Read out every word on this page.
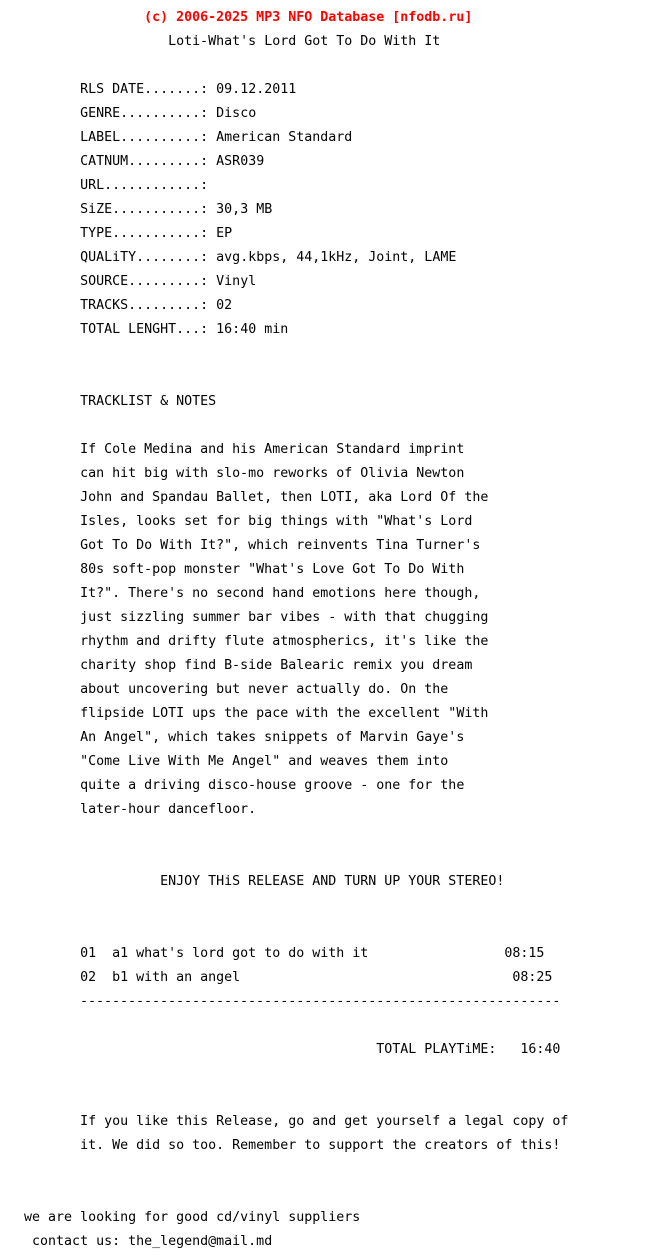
(c) 2006-2025 MP3 NFO Database [nfodb.ru]

Loti-What's Lord Got To Do With It

RLS DATE.......: 09.12.2011

GENRE..........: Disco

LABEL..........: American Standard

CATNUM.........: ASR039

URL............:

SiZE...........: 30,3 MB

TYPE...........: EP

QUALiTY........: avg.kbps, 44,1kHz, Joint, LAME

SOURCE.........: Vinyl

TRACKS.........: 02

TOTAL LENGHT...: 16:40 min

TRACKLIST & NOTES

If Cole Medina and his American Standard imprint

can hit big with slo-mo reworks of Olivia Newton

John and Spandau Ballet, then LOTI, aka Lord Of the

Isles, looks set for big things with "What's Lord

Got To Do With It?", which reinvents Tina Turner's

80s soft-pop monster "What's Love Got To Do With

It?". There's no second hand emotions here though,

just sizzling summer bar vibes - with that chugging

rhythm and drifty flute atmospherics, it's like the

charity shop find B-side Balearic remix you dream

about uncovering but never actually do. On the

flipside LOTI ups the pace with the excellent "With

An Angel", which takes snippets of Marvin Gaye's

"Come Live With Me Angel" and weaves them into

quite a driving disco-house groove - one for the

later-hour dancefloor.

ENJOY THiS RELEASE AND TURN UP YOUR STEREO!

01 a1 what's lord got to do with it	08:15

02 b1 with an angel	08:25

------------------------------------------------------------

TOTAL PLAYTiME: 16:40

If you like this Release, go and get yourself a legal copy of

it. We did so too. Remember to support the creators of this!

we are looking for good cd/vinyl suppliers

contact us: the_legend@mail.md
